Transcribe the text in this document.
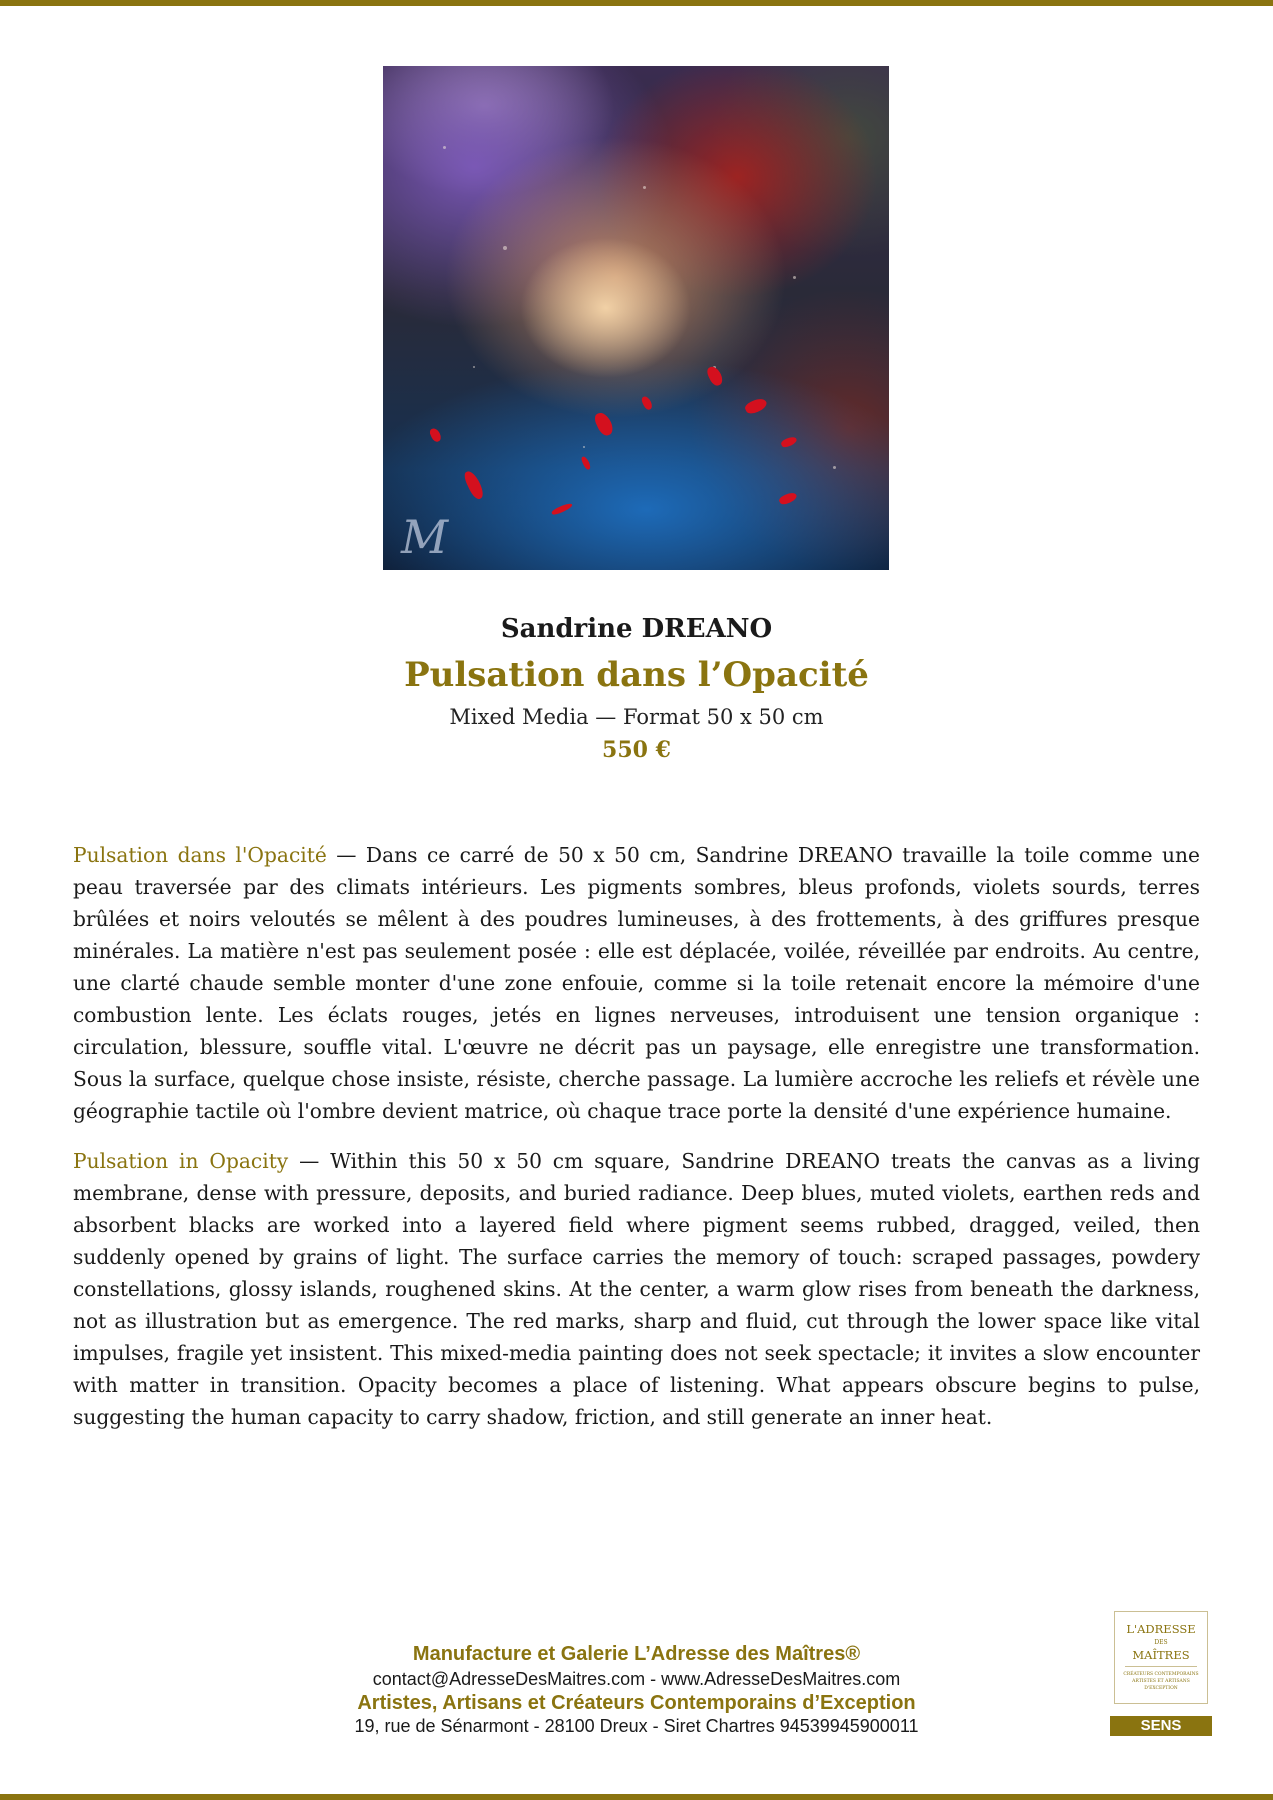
M
Sandrine DREANO
Pulsation dans l’Opacité
Mixed Media — Format 50 x 50 cm
550 €

Pulsation dans l'Opacité — Dans ce carré de 50 x 50 cm, Sandrine DREANO travaille la toile comme une peau traversée par des climats intérieurs. Les pigments sombres, bleus profonds, violets sourds, terres brûlées et noirs veloutés se mêlent à des poudres lumineuses, à des frottements, à des griffures presque minérales. La matière n'est pas seulement posée : elle est déplacée, voilée, réveillée par endroits. Au centre, une clarté chaude semble monter d'une zone enfouie, comme si la toile retenait encore la mémoire d'une combustion lente. Les éclats rouges, jetés en lignes nerveuses, introduisent une tension organique : circulation, blessure, souffle vital. L'œuvre ne décrit pas un paysage, elle enregistre une transformation. Sous la surface, quelque chose insiste, résiste, cherche passage. La lumière accroche les reliefs et révèle une géographie tactile où l'ombre devient matrice, où chaque trace porte la densité d'une expérience humaine.

Pulsation in Opacity — Within this 50 x 50 cm square, Sandrine DREANO treats the canvas as a living membrane, dense with pressure, deposits, and buried radiance. Deep blues, muted violets, earthen reds and absorbent blacks are worked into a layered field where pigment seems rubbed, dragged, veiled, then suddenly opened by grains of light. The surface carries the memory of touch: scraped passages, powdery constellations, glossy islands, roughened skins. At the center, a warm glow rises from beneath the darkness, not as illustration but as emergence. The red marks, sharp and fluid, cut through the lower space like vital impulses, fragile yet insistent. This mixed-media painting does not seek spectacle; it invites a slow encounter with matter in transition. Opacity becomes a place of listening. What appears obscure begins to pulse, suggesting the human capacity to carry shadow, friction, and still generate an inner heat.

Manufacture et Galerie L’Adresse des Maîtres®
contact@AdresseDesMaitres.com - www.AdresseDesMaitres.com
Artistes, Artisans et Créateurs Contemporains d’Exception
19, rue de Sénarmont - 28100 Dreux - Siret Chartres 94539945900011
L'ADRESSE
DES
MAÎTRES
CRÉATEURS CONTEMPORAINS ARTISTES ET ARTISANS D'EXCEPTION
SENS
